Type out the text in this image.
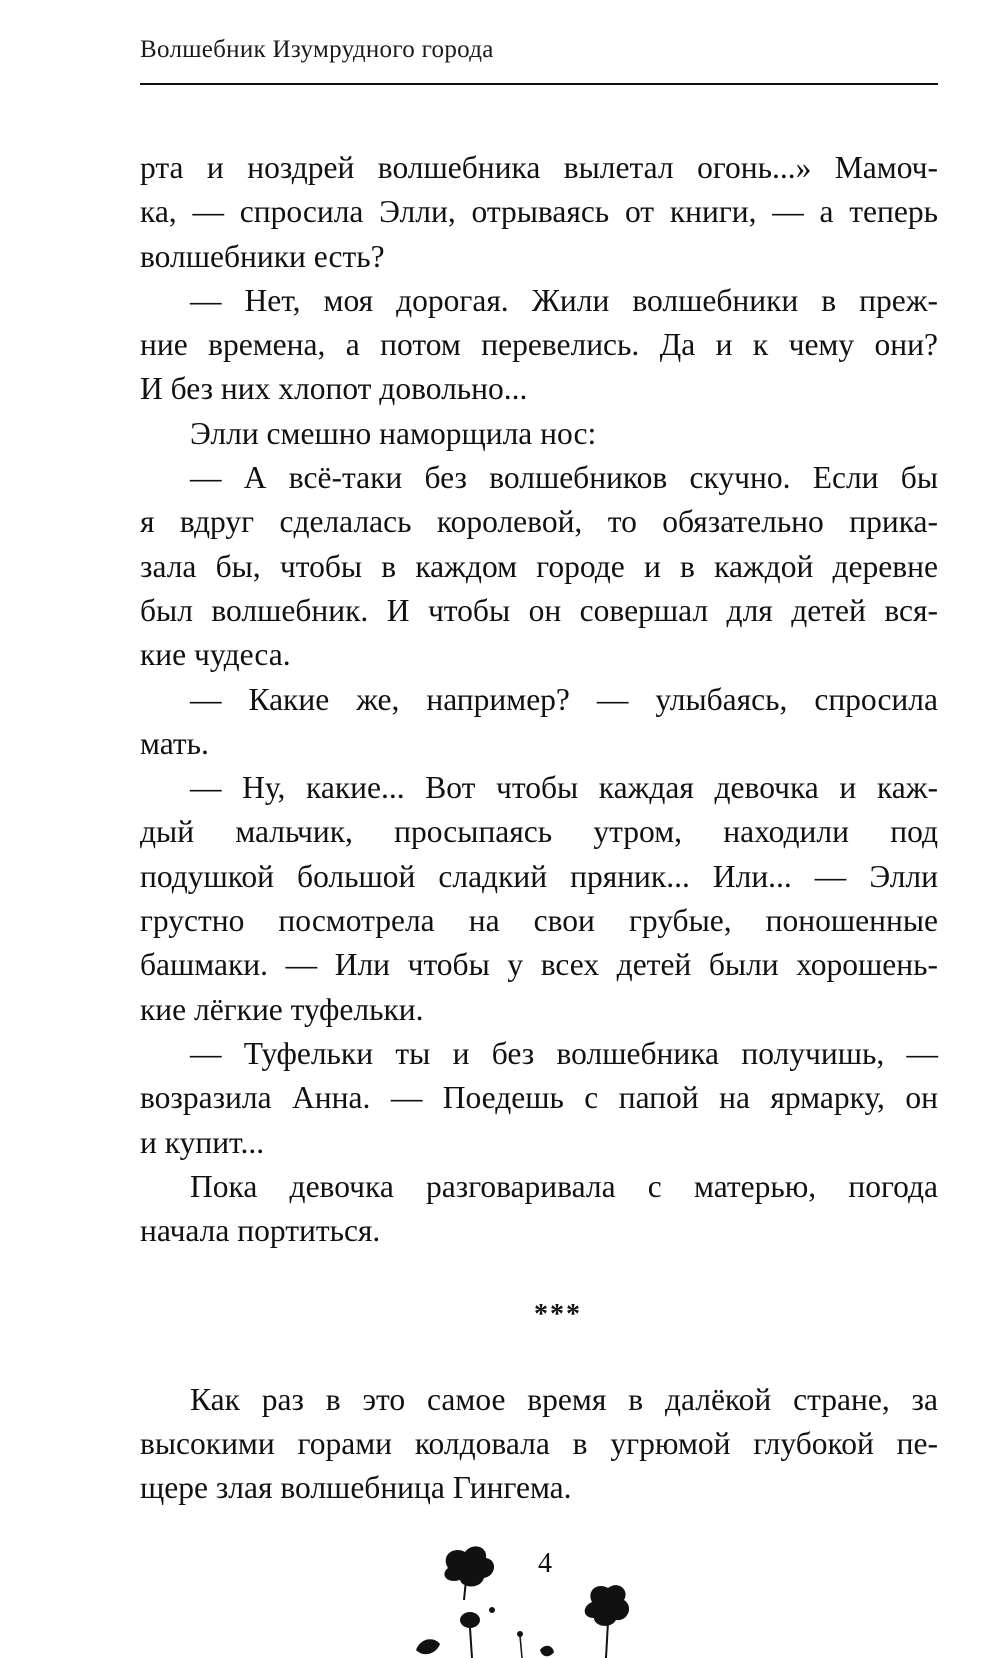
Волшебник Изумрудного города
рта и ноздрей волшебника вылетал огонь...» Мамоч-
ка, — спросила Элли, отрываясь от книги, — а теперь
волшебники есть?
— Нет, моя дорогая. Жили волшебники в преж-
ние времена, а потом перевелись. Да и к чему они?
И без них хлопот довольно...
Элли смешно наморщила нос:
— А всё-таки без волшебников скучно. Если бы
я вдруг сделалась королевой, то обязательно прика-
зала бы, чтобы в каждом городе и в каждой деревне
был волшебник. И чтобы он совершал для детей вся-
кие чудеса.
— Какие же, например? — улыбаясь, спросила
мать.
— Ну, какие... Вот чтобы каждая девочка и каж-
дый мальчик, просыпаясь утром, находили под
подушкой большой сладкий пряник... Или... — Элли
грустно посмотрела на свои грубые, поношенные
башмаки. — Или чтобы у всех детей были хорошень-
кие лёгкие туфельки.
— Туфельки ты и без волшебника получишь, —
возразила Анна. — Поедешь с папой на ярмарку, он
и купит...
Пока девочка разговаривала с матерью, погода
начала портиться.
***
Как раз в это самое время в далёкой стране, за
высокими горами колдовала в угрюмой глубокой пе-
щере злая волшебница Гингема.
4
